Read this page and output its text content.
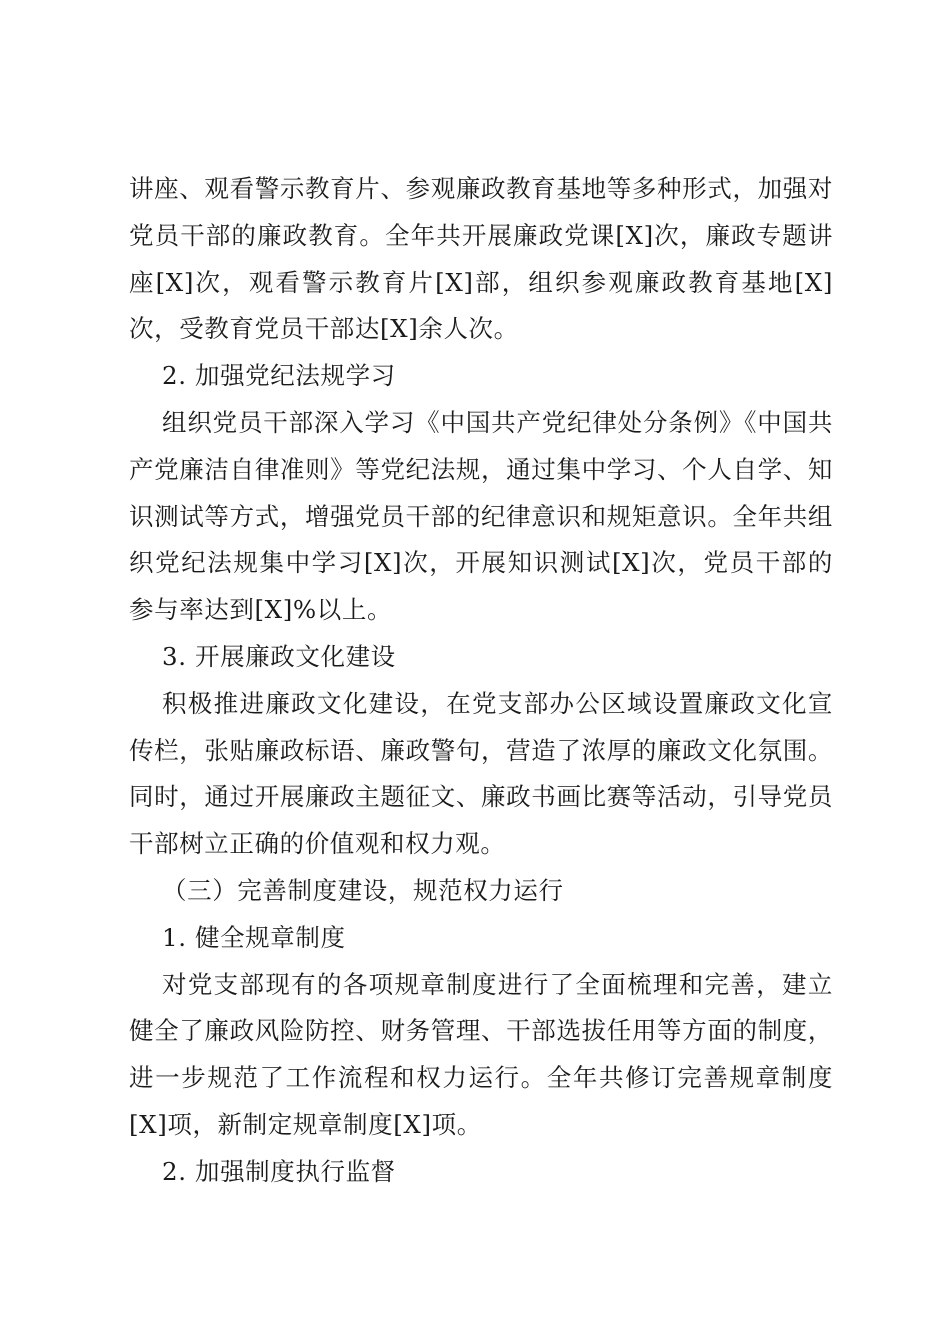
讲座、观看警示教育片、参观廉政教育基地等多种形式，加强对党员干部的廉政教育。全年共开展廉政党课[X]次，廉政专题讲座[X]次，观看警示教育片[X]部，组织参观廉政教育基地[X]次，受教育党员干部达[X]余人次。

2. 加强党纪法规学习

组织党员干部深入学习《中国共产党纪律处分条例》《中国共产党廉洁自律准则》等党纪法规，通过集中学习、个人自学、知识测试等方式，增强党员干部的纪律意识和规矩意识。全年共组织党纪法规集中学习[X]次，开展知识测试[X]次，党员干部的参与率达到[X]%以上。

3. 开展廉政文化建设

积极推进廉政文化建设，在党支部办公区域设置廉政文化宣传栏，张贴廉政标语、廉政警句，营造了浓厚的廉政文化氛围。同时，通过开展廉政主题征文、廉政书画比赛等活动，引导党员干部树立正确的价值观和权力观。

（三）完善制度建设，规范权力运行

1. 健全规章制度

对党支部现有的各项规章制度进行了全面梳理和完善，建立健全了廉政风险防控、财务管理、干部选拔任用等方面的制度，进一步规范了工作流程和权力运行。全年共修订完善规章制度[X]项，新制定规章制度[X]项。

2. 加强制度执行监督
